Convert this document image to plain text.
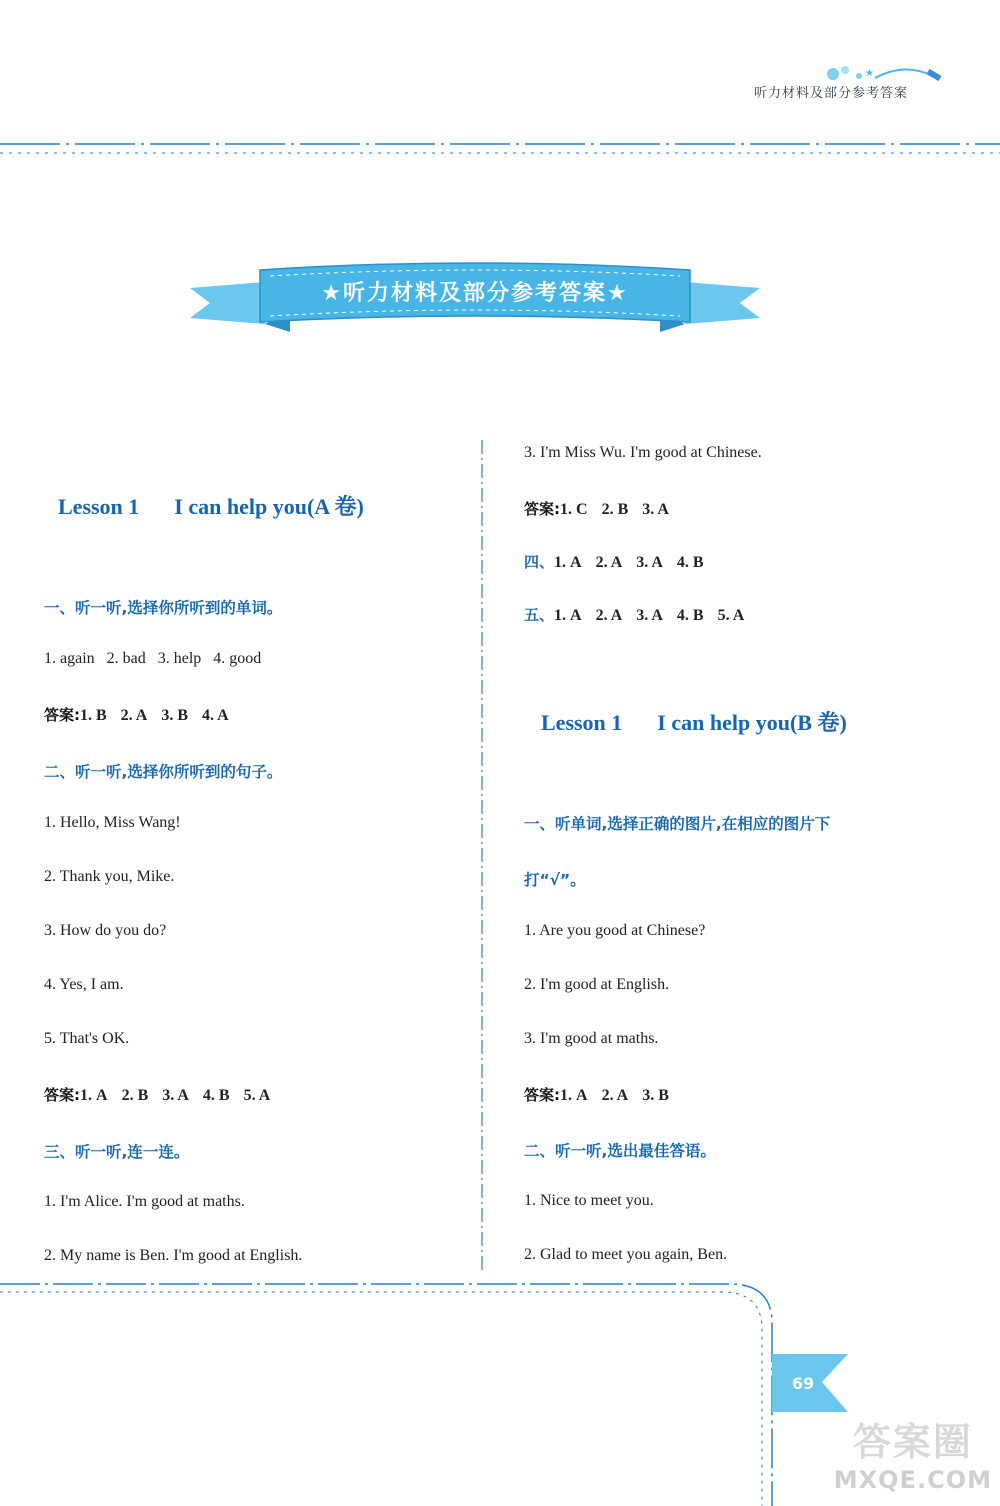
★
听力材料及部分参考答案
★听力材料及部分参考答案★
Lesson 1 I can help you(A 卷)
一、听一听,选择你所听到的单词。
1. again   2. bad   3. help   4. good
答案:1. B 2. A 3. B 4. A
二、听一听,选择你所听到的句子。
1. Hello, Miss Wang!
2. Thank you, Mike.
3. How do you do?
4. Yes, I am.
5. That's OK.
答案:1. A 2. B 3. A 4. B 5. A
三、听一听,连一连。
1. I'm Alice. I'm good at maths.
2. My name is Ben. I'm good at English.
3. I'm Miss Wu. I'm good at Chinese.
答案:1. C 2. B 3. A
四、1. A 2. A 3. A 4. B
五、1. A 2. A 3. A 4. B 5. A
Lesson 1 I can help you(B 卷)
一、听单词,选择正确的图片,在相应的图片下
打“√”。
1. Are you good at Chinese?
2. I'm good at English.
3. I'm good at maths.
答案:1. A 2. A 3. B
二、听一听,选出最佳答语。
1. Nice to meet you.
2. Glad to meet you again, Ben.
69
答案圈
MXQE.COM
